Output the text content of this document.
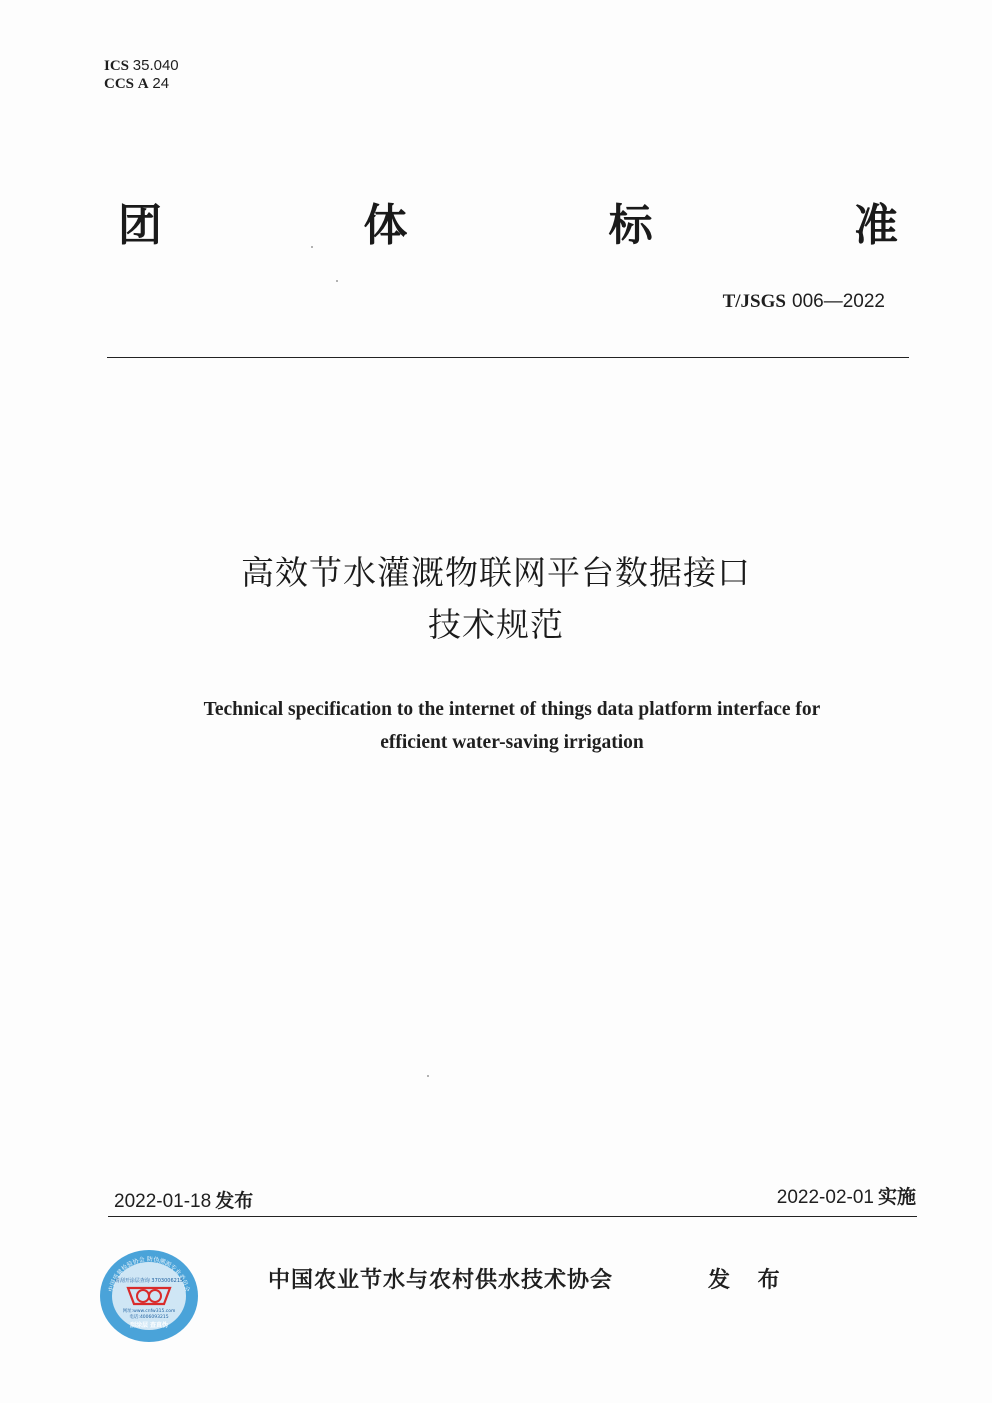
ICS 35.040
CCS A 24
团	体	标	准
T/JSGS 006—2022
高效节水灌溉物联网平台数据接口
技术规范
Technical specification to the internet of things data platform interface for
efficient water-saving irrigation
2022-01-18 发布	2022-02-01 实施
中国质量检验协会 防伪溯源专业委员会
请刮开涂层查询 3703006215
网址:www.cnfw315.com
电话:4006093215
刮涂层 查真伪
中国农业节水与农村供水技术协会	发 布
